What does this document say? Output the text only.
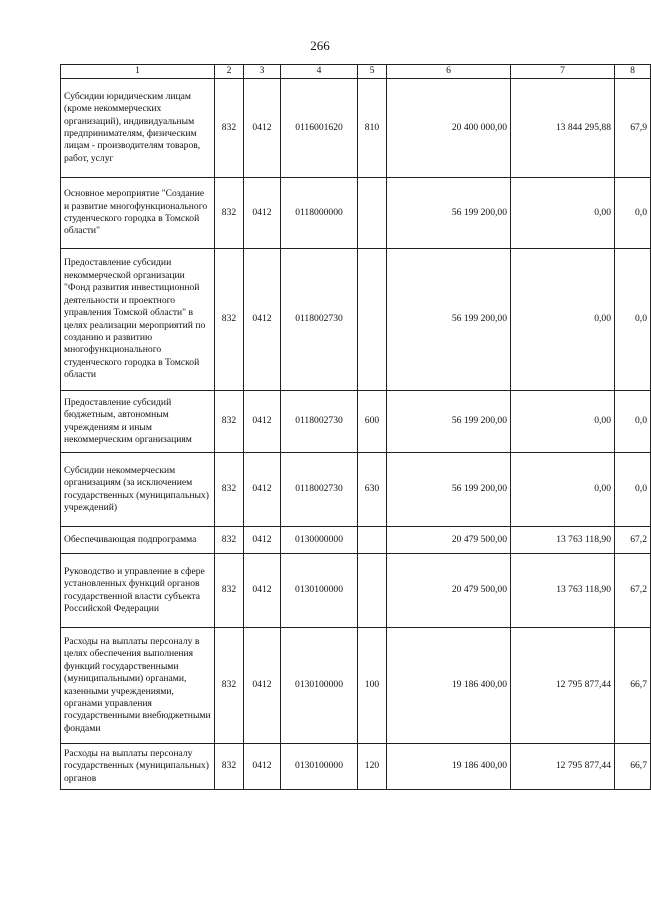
266
1	2	3	4	5	6	7	8
Субсидии юридическим лицам (кроме некоммерческих организаций), индивидуальным предпринимателям, физическим лицам - производителям товаров, работ, услуг	832	0412	0116001620	810	20 400 000,00	13 844 295,88	67,9
Основное мероприятие "Создание и развитие многофункционального студенческого городка в Томской области"	832	0412	0118000000		56 199 200,00	0,00	0,0
Предоставление субсидии некоммерческой организации "Фонд развития инвестиционной деятельности и проектного управления Томской области" в целях реализации мероприятий по созданию и развитию многофункционального студенческого городка в Томской области	832	0412	0118002730		56 199 200,00	0,00	0,0
Предоставление субсидий бюджетным, автономным учреждениям и иным некоммерческим организациям	832	0412	0118002730	600	56 199 200,00	0,00	0,0
Субсидии некоммерческим организациям (за исключением государственных (муниципальных) учреждений)	832	0412	0118002730	630	56 199 200,00	0,00	0,0
Обеспечивающая подпрограмма	832	0412	0130000000		20 479 500,00	13 763 118,90	67,2
Руководство и управление в сфере установленных функций органов государственной власти субъекта Российской Федерации	832	0412	0130100000		20 479 500,00	13 763 118,90	67,2
Расходы на выплаты персоналу в целях обеспечения выполнения функций государственными (муниципальными) органами, казенными учреждениями, органами управления государственными внебюджетными фондами	832	0412	0130100000	100	19 186 400,00	12 795 877,44	66,7
Расходы на выплаты персоналу государственных (муниципальных) органов	832	0412	0130100000	120	19 186 400,00	12 795 877,44	66,7
